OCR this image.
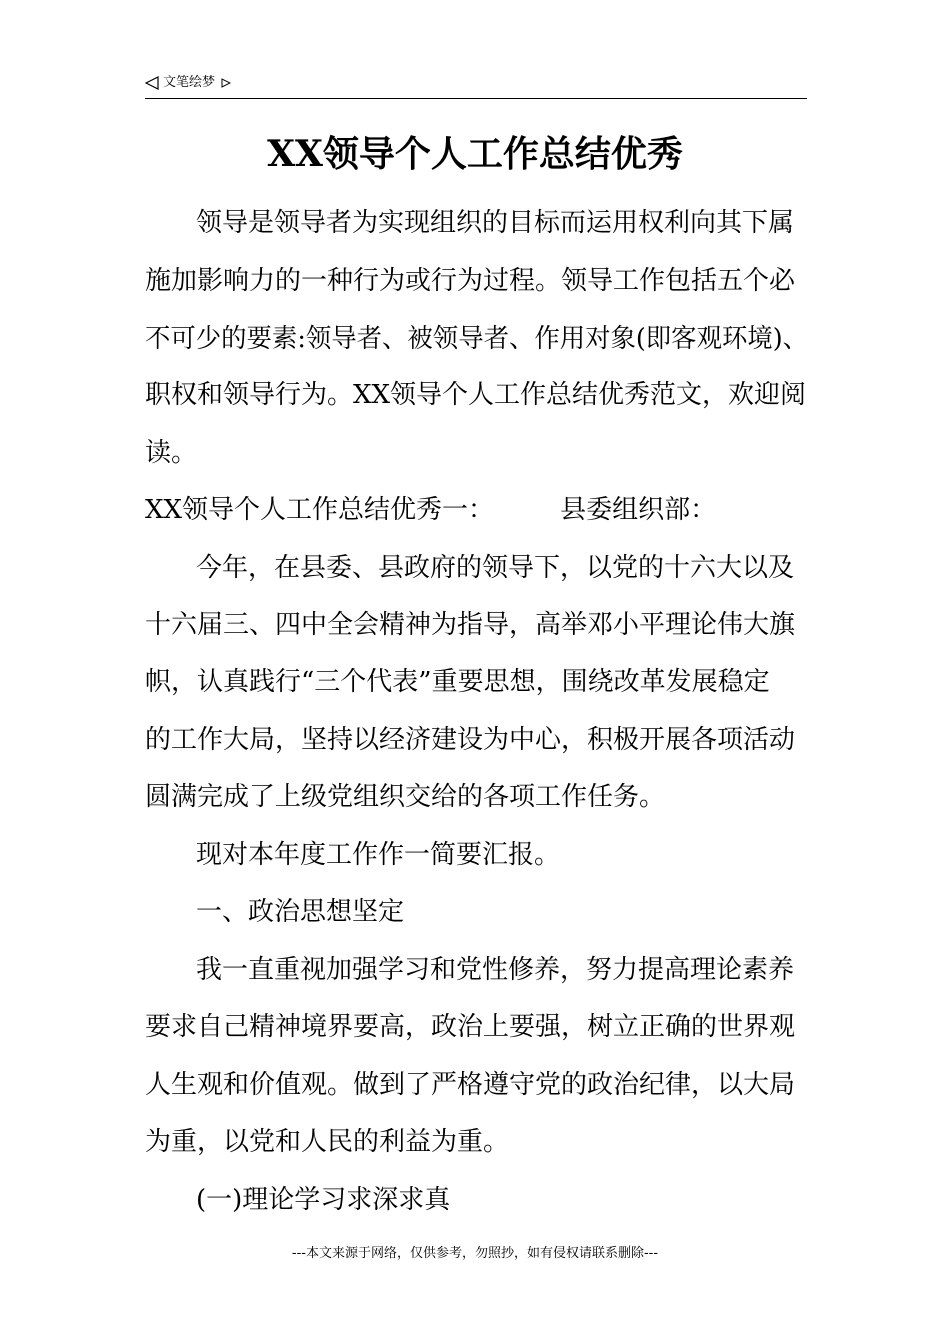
文笔绘梦
XX领导个人工作总结优秀
领导是领导者为实现组织的目标而运用权利向其下属
施加影响力的一种行为或行为过程。领导工作包括五个必
不可少的要素:领导者、被领导者、作用对象(即客观环境)、
职权和领导行为。XX领导个人工作总结优秀范文，欢迎阅
读。
XX领导个人工作总结优秀一：        县委组织部：
今年，在县委、县政府的领导下，以党的十六大以及
十六届三、四中全会精神为指导，高举邓小平理论伟大旗
帜，认真践行“三个代表”重要思想，围绕改革发展稳定
的工作大局，坚持以经济建设为中心，积极开展各项活动
圆满完成了上级党组织交给的各项工作任务。
现对本年度工作作一简要汇报。
一、政治思想坚定
我一直重视加强学习和党性修养，努力提高理论素养
要求自己精神境界要高，政治上要强，树立正确的世界观
人生观和价值观。做到了严格遵守党的政治纪律，以大局
为重，以党和人民的利益为重。
(一)理论学习求深求真
---本文来源于网络，仅供参考，勿照抄，如有侵权请联系删除---
